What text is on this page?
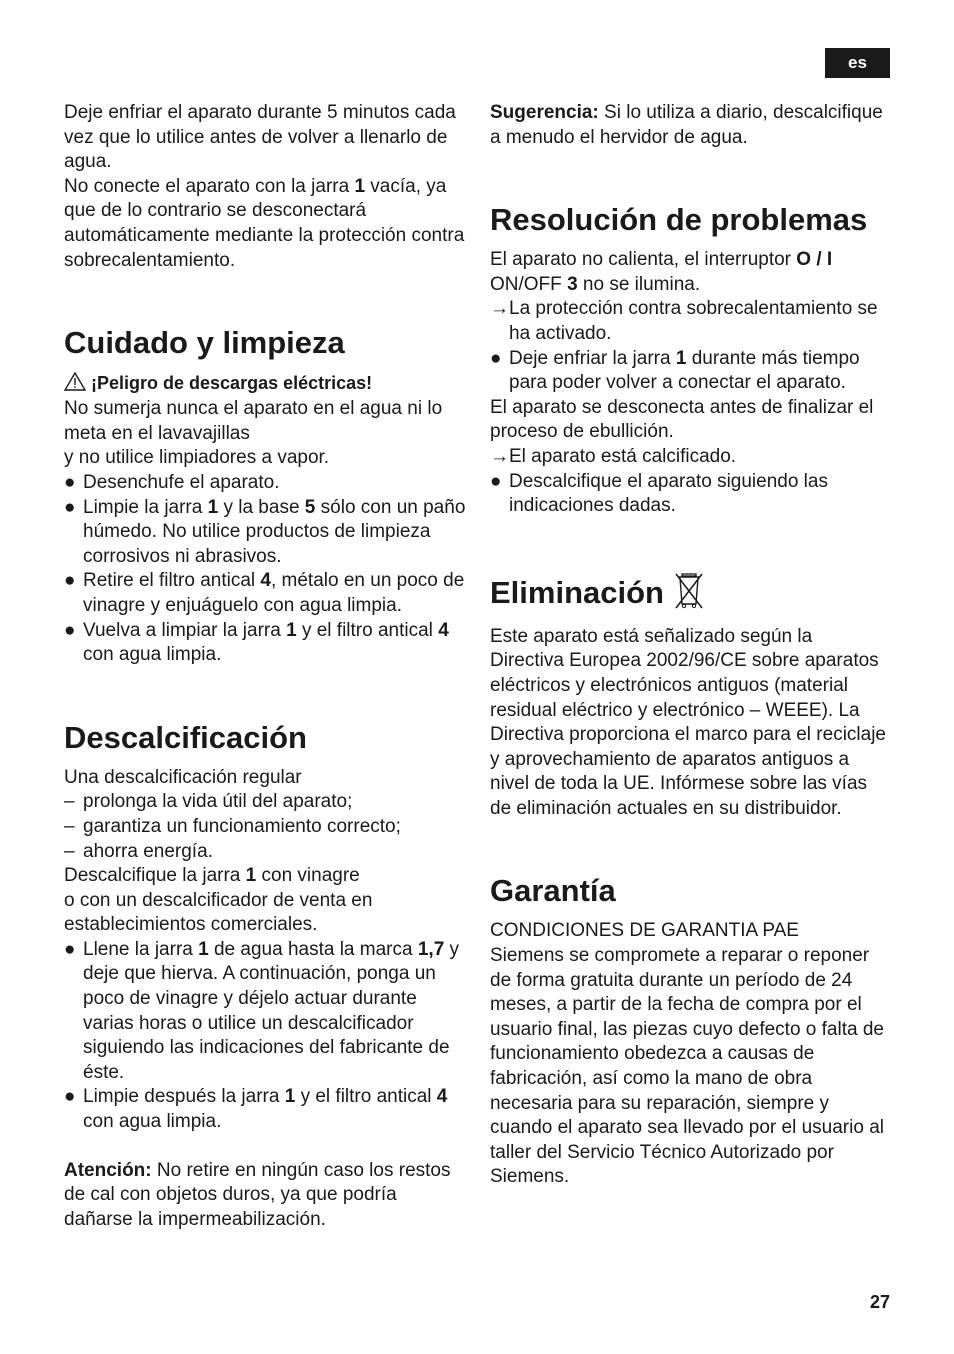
es

Deje enfriar el aparato durante 5 minutos cada vez que lo utilice antes de volver a llenarlo de agua.

No conecte el aparato con la jarra 1 vacía, ya que de lo contrario se desconectará automáticamente mediante la protección contra sobrecalentamiento.

Cuidado y limpieza

¡Peligro de descargas eléctricas!

No sumerja nunca el aparato en el agua ni lo meta en el lavavajillas

y no utilice limpiadores a vapor.

● Desenchufe el aparato.
● Limpie la jarra 1 y la base 5 sólo con un paño húmedo. No utilice productos de limpieza corrosivos ni abrasivos.
● Retire el filtro antical 4, métalo en un poco de vinagre y enjuáguelo con agua limpia.
● Vuelva a limpiar la jarra 1 y el filtro antical 4 con agua limpia.
Descalcificación

Una descalcificación regular

– prolonga la vida útil del aparato;
– garantiza un funcionamiento correcto;
– ahorra energía.

Descalcifique la jarra 1 con vinagre

o con un descalcificador de venta en establecimientos comerciales.

● Llene la jarra 1 de agua hasta la marca 1,7 y deje que hierva. A continuación, ponga un poco de vinagre y déjelo actuar durante varias horas o utilice un descalcificador siguiendo las indicaciones del fabricante de éste.
● Limpie después la jarra 1 y el filtro antical 4 con agua limpia.

Atención: No retire en ningún caso los restos de cal con objetos duros, ya que podría dañarse la impermeabilización.

Sugerencia: Si lo utiliza a diario, descalcifique a menudo el hervidor de agua.

Resolución de problemas

El aparato no calienta, el interruptor O / I ON/OFF 3 no se ilumina.

→ La protección contra sobrecalentamiento se ha activado.
● Deje enfriar la jarra 1 durante más tiempo para poder volver a conectar el aparato.

El aparato se desconecta antes de finalizar el proceso de ebullición.

→ El aparato está calcificado.
● Descalcifique el aparato siguiendo las indicaciones dadas.
Eliminación

Este aparato está señalizado según la Directiva Europea 2002/96/CE sobre aparatos eléctricos y electrónicos antiguos (material residual eléctrico y electrónico – WEEE). La Directiva proporciona el marco para el reciclaje y aprovechamiento de aparatos antiguos a nivel de toda la UE. Infórmese sobre las vías de eliminación actuales en su distribuidor.

Garantía

CONDICIONES DE GARANTIA PAE

Siemens se compromete a reparar o reponer de forma gratuita durante un período de 24 meses, a partir de la fecha de compra por el usuario final, las piezas cuyo defecto o falta de funcionamiento obedezca a causas de fabricación, así como la mano de obra necesaria para su reparación, siempre y cuando el aparato sea llevado por el usuario al taller del Servicio Técnico Autorizado por Siemens.

27
